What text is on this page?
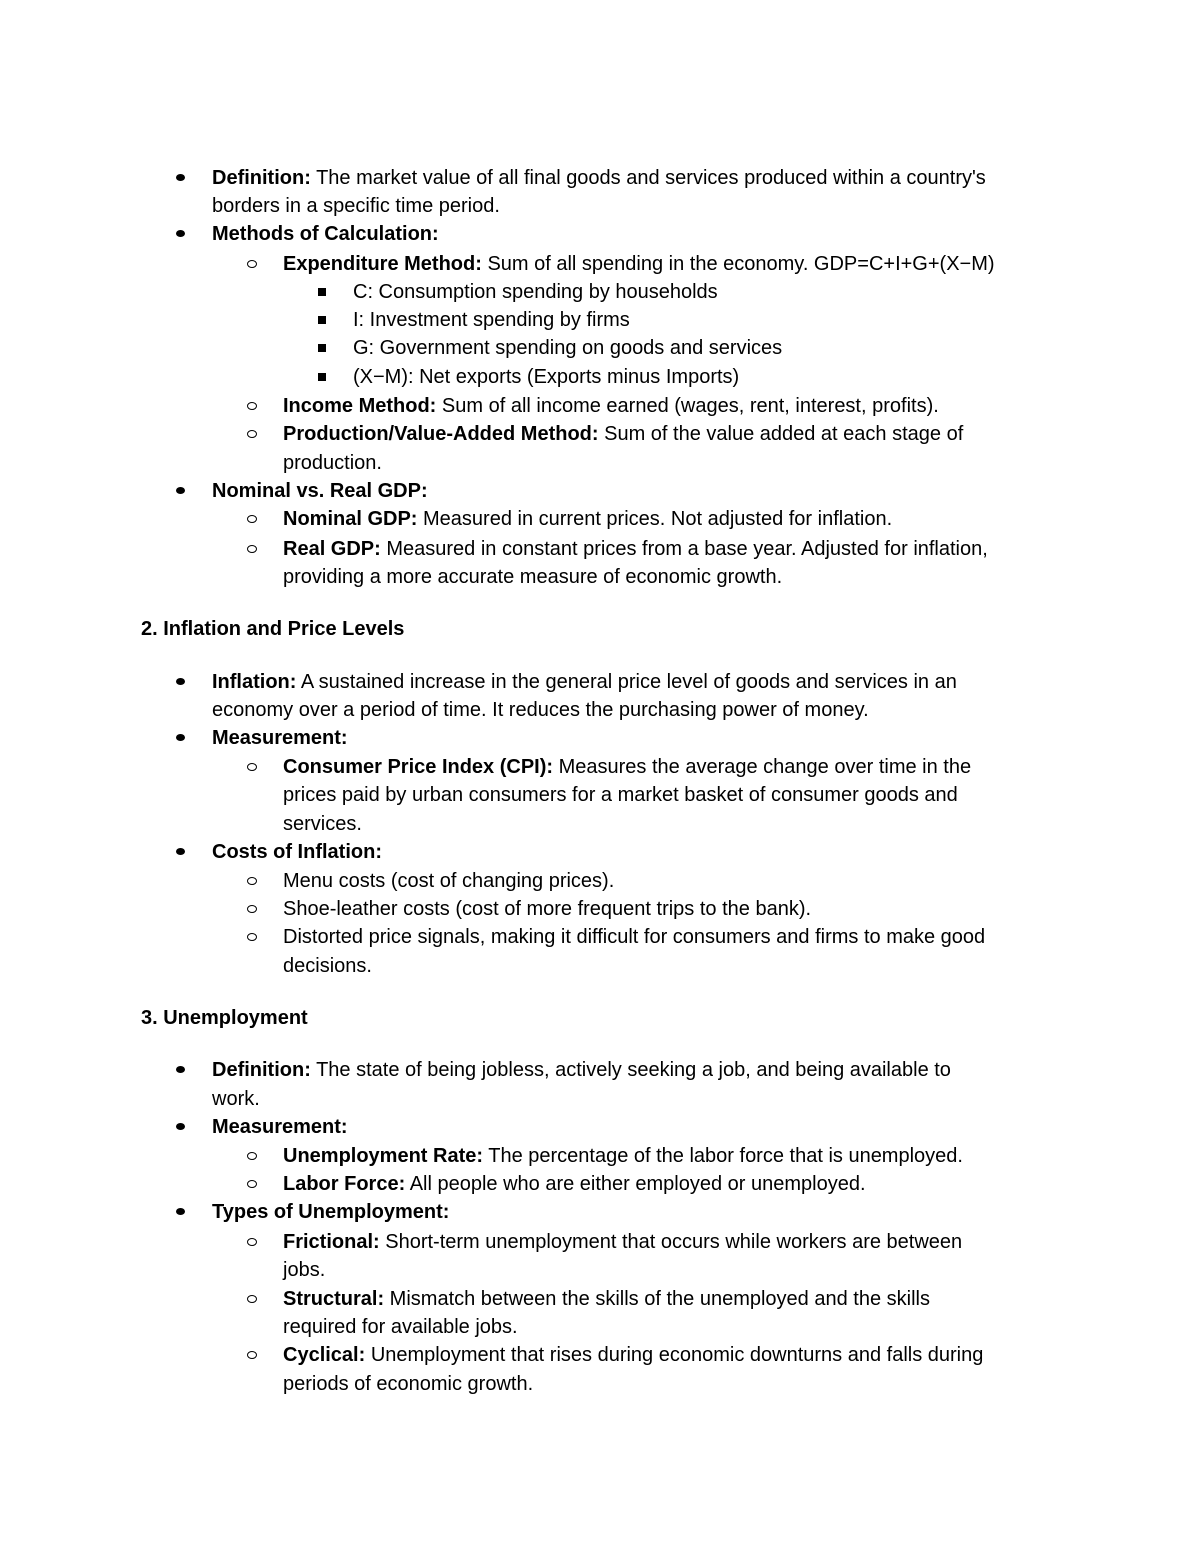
Definition: The market value of all final goods and services produced within a country's
borders in a specific time period.
Methods of Calculation:
Expenditure Method: Sum of all spending in the economy. GDP=C+I+G+(X−M)
C: Consumption spending by households
I: Investment spending by firms
G: Government spending on goods and services
(X−M): Net exports (Exports minus Imports)
Income Method: Sum of all income earned (wages, rent, interest, profits).
Production/Value-Added Method: Sum of the value added at each stage of
production.
Nominal vs. Real GDP:
Nominal GDP: Measured in current prices. Not adjusted for inflation.
Real GDP: Measured in constant prices from a base year. Adjusted for inflation,
providing a more accurate measure of economic growth.
2. Inflation and Price Levels
Inflation: A sustained increase in the general price level of goods and services in an
economy over a period of time. It reduces the purchasing power of money.
Measurement:
Consumer Price Index (CPI): Measures the average change over time in the
prices paid by urban consumers for a market basket of consumer goods and
services.
Costs of Inflation:
Menu costs (cost of changing prices).
Shoe-leather costs (cost of more frequent trips to the bank).
Distorted price signals, making it difficult for consumers and firms to make good
decisions.
3. Unemployment
Definition: The state of being jobless, actively seeking a job, and being available to
work.
Measurement:
Unemployment Rate: The percentage of the labor force that is unemployed.
Labor Force: All people who are either employed or unemployed.
Types of Unemployment:
Frictional: Short-term unemployment that occurs while workers are between
jobs.
Structural: Mismatch between the skills of the unemployed and the skills
required for available jobs.
Cyclical: Unemployment that rises during economic downturns and falls during
periods of economic growth.
